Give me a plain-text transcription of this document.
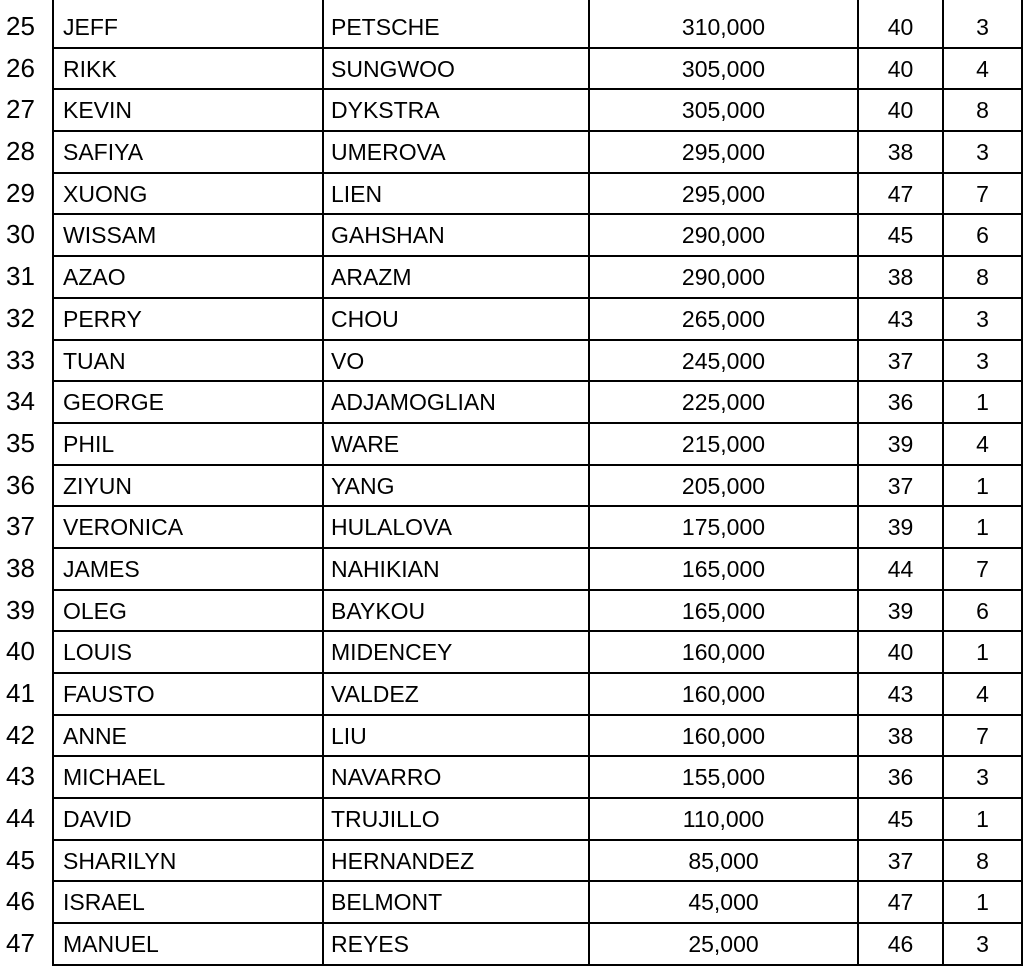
25	JEFF	PETSCHE	310,000	40	3
26	RIKK	SUNGWOO	305,000	40	4
27	KEVIN	DYKSTRA	305,000	40	8
28	SAFIYA	UMEROVA	295,000	38	3
29	XUONG	LIEN	295,000	47	7
30	WISSAM	GAHSHAN	290,000	45	6
31	AZAO	ARAZM	290,000	38	8
32	PERRY	CHOU	265,000	43	3
33	TUAN	VO	245,000	37	3
34	GEORGE	ADJAMOGLIAN	225,000	36	1
35	PHIL	WARE	215,000	39	4
36	ZIYUN	YANG	205,000	37	1
37	VERONICA	HULALOVA	175,000	39	1
38	JAMES	NAHIKIAN	165,000	44	7
39	OLEG	BAYKOU	165,000	39	6
40	LOUIS	MIDENCEY	160,000	40	1
41	FAUSTO	VALDEZ	160,000	43	4
42	ANNE	LIU	160,000	38	7
43	MICHAEL	NAVARRO	155,000	36	3
44	DAVID	TRUJILLO	110,000	45	1
45	SHARILYN	HERNANDEZ	85,000	37	8
46	ISRAEL	BELMONT	45,000	47	1
47	MANUEL	REYES	25,000	46	3
